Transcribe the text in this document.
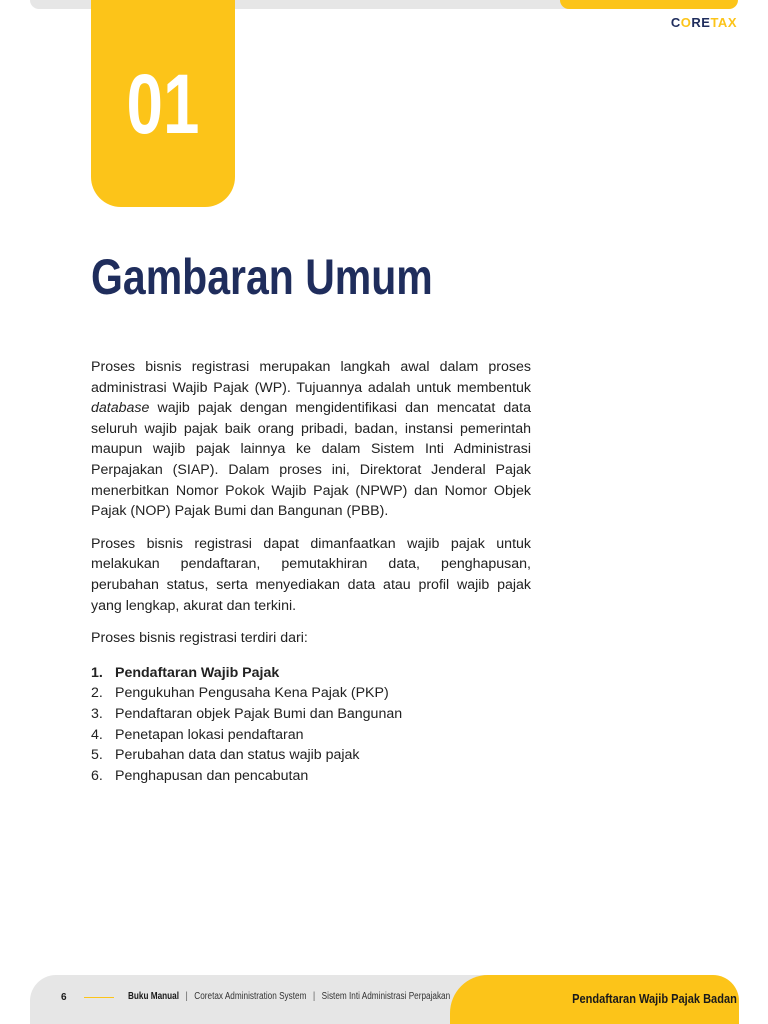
CORETAX
01
Gambaran Umum

Proses bisnis registrasi merupakan langkah awal dalam proses administrasi Wajib Pajak (WP). Tujuannya adalah untuk membentuk database wajib pajak dengan mengidentifikasi dan mencatat data seluruh wajib pajak baik orang pribadi, badan, instansi pemerintah maupun wajib pajak lainnya ke dalam Sistem Inti Administrasi Perpajakan (SIAP). Dalam proses ini, Direktorat Jenderal Pajak menerbitkan Nomor Pokok Wajib Pajak (NPWP) dan Nomor Objek Pajak (NOP) Pajak Bumi dan Bangunan (PBB).

Proses bisnis registrasi dapat dimanfaatkan wajib pajak untuk melakukan pendaftaran, pemutakhiran data, penghapusan, perubahan status, serta menyediakan data atau profil wajib pajak yang lengkap, akurat dan terkini.

Proses bisnis registrasi terdiri dari:

1. Pendaftaran Wajib Pajak
2. Pengukuhan Pengusaha Kena Pajak (PKP)
3. Pendaftaran objek Pajak Bumi dan Bangunan
4. Penetapan lokasi pendaftaran
5. Perubahan data dan status wajib pajak
6. Penghapusan dan pencabutan
6	Buku Manual | Coretax Administration System | Sistem Inti Administrasi Perpajakan	Pendaftaran Wajib Pajak Badan
